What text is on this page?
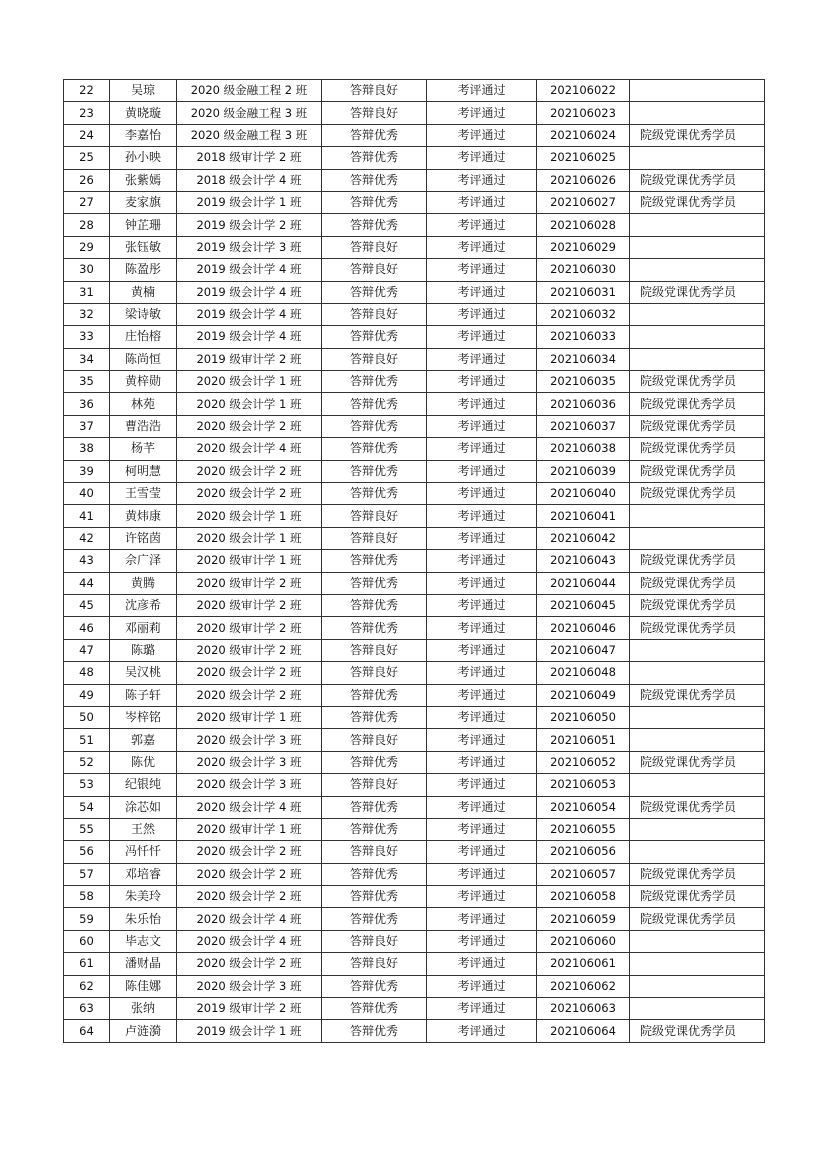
22	吴琼	2020 级金融工程 2 班	答辩良好	考评通过	202106022	
23	黄晓璇	2020 级金融工程 3 班	答辩良好	考评通过	202106023	
24	李嘉怡	2020 级金融工程 3 班	答辩优秀	考评通过	202106024	院级党课优秀学员
25	孙小映	2018 级审计学 2 班	答辩优秀	考评通过	202106025	
26	张紫嫣	2018 级会计学 4 班	答辩优秀	考评通过	202106026	院级党课优秀学员
27	麦家旗	2019 级会计学 1 班	答辩优秀	考评通过	202106027	院级党课优秀学员
28	钟芷珊	2019 级会计学 2 班	答辩优秀	考评通过	202106028	
29	张钰敏	2019 级会计学 3 班	答辩良好	考评通过	202106029	
30	陈盈彤	2019 级会计学 4 班	答辩良好	考评通过	202106030	
31	黄楠	2019 级会计学 4 班	答辩优秀	考评通过	202106031	院级党课优秀学员
32	梁诗敏	2019 级会计学 4 班	答辩良好	考评通过	202106032	
33	庄怡榕	2019 级会计学 4 班	答辩优秀	考评通过	202106033	
34	陈尚恒	2019 级审计学 2 班	答辩良好	考评通过	202106034	
35	黄梓勋	2020 级会计学 1 班	答辩优秀	考评通过	202106035	院级党课优秀学员
36	林苑	2020 级会计学 1 班	答辩优秀	考评通过	202106036	院级党课优秀学员
37	曹浩浩	2020 级会计学 2 班	答辩优秀	考评通过	202106037	院级党课优秀学员
38	杨芊	2020 级会计学 4 班	答辩优秀	考评通过	202106038	院级党课优秀学员
39	柯明慧	2020 级会计学 2 班	答辩优秀	考评通过	202106039	院级党课优秀学员
40	王雪莹	2020 级会计学 2 班	答辩优秀	考评通过	202106040	院级党课优秀学员
41	黄炜康	2020 级会计学 1 班	答辩良好	考评通过	202106041	
42	许铭茵	2020 级会计学 1 班	答辩良好	考评通过	202106042	
43	佘广泽	2020 级审计学 1 班	答辩优秀	考评通过	202106043	院级党课优秀学员
44	黄腾	2020 级审计学 2 班	答辩优秀	考评通过	202106044	院级党课优秀学员
45	沈彦希	2020 级审计学 2 班	答辩优秀	考评通过	202106045	院级党课优秀学员
46	邓丽莉	2020 级审计学 2 班	答辩优秀	考评通过	202106046	院级党课优秀学员
47	陈璐	2020 级审计学 2 班	答辩良好	考评通过	202106047	
48	吴汉桃	2020 级会计学 2 班	答辩良好	考评通过	202106048	
49	陈子轩	2020 级会计学 2 班	答辩优秀	考评通过	202106049	院级党课优秀学员
50	岑梓铭	2020 级审计学 1 班	答辩优秀	考评通过	202106050	
51	郭嘉	2020 级会计学 3 班	答辩良好	考评通过	202106051	
52	陈优	2020 级会计学 3 班	答辩优秀	考评通过	202106052	院级党课优秀学员
53	纪银纯	2020 级会计学 3 班	答辩良好	考评通过	202106053	
54	涂芯如	2020 级会计学 4 班	答辩优秀	考评通过	202106054	院级党课优秀学员
55	王然	2020 级审计学 1 班	答辩优秀	考评通过	202106055	
56	冯忏忏	2020 级会计学 2 班	答辩良好	考评通过	202106056	
57	邓培睿	2020 级会计学 2 班	答辩优秀	考评通过	202106057	院级党课优秀学员
58	朱美玲	2020 级会计学 2 班	答辩优秀	考评通过	202106058	院级党课优秀学员
59	朱乐怡	2020 级会计学 4 班	答辩优秀	考评通过	202106059	院级党课优秀学员
60	毕志文	2020 级会计学 4 班	答辩良好	考评通过	202106060	
61	潘财晶	2020 级会计学 2 班	答辩良好	考评通过	202106061	
62	陈佳娜	2020 级会计学 3 班	答辩优秀	考评通过	202106062	
63	张纳	2019 级审计学 2 班	答辩优秀	考评通过	202106063	
64	卢涟漪	2019 级会计学 1 班	答辩优秀	考评通过	202106064	院级党课优秀学员
